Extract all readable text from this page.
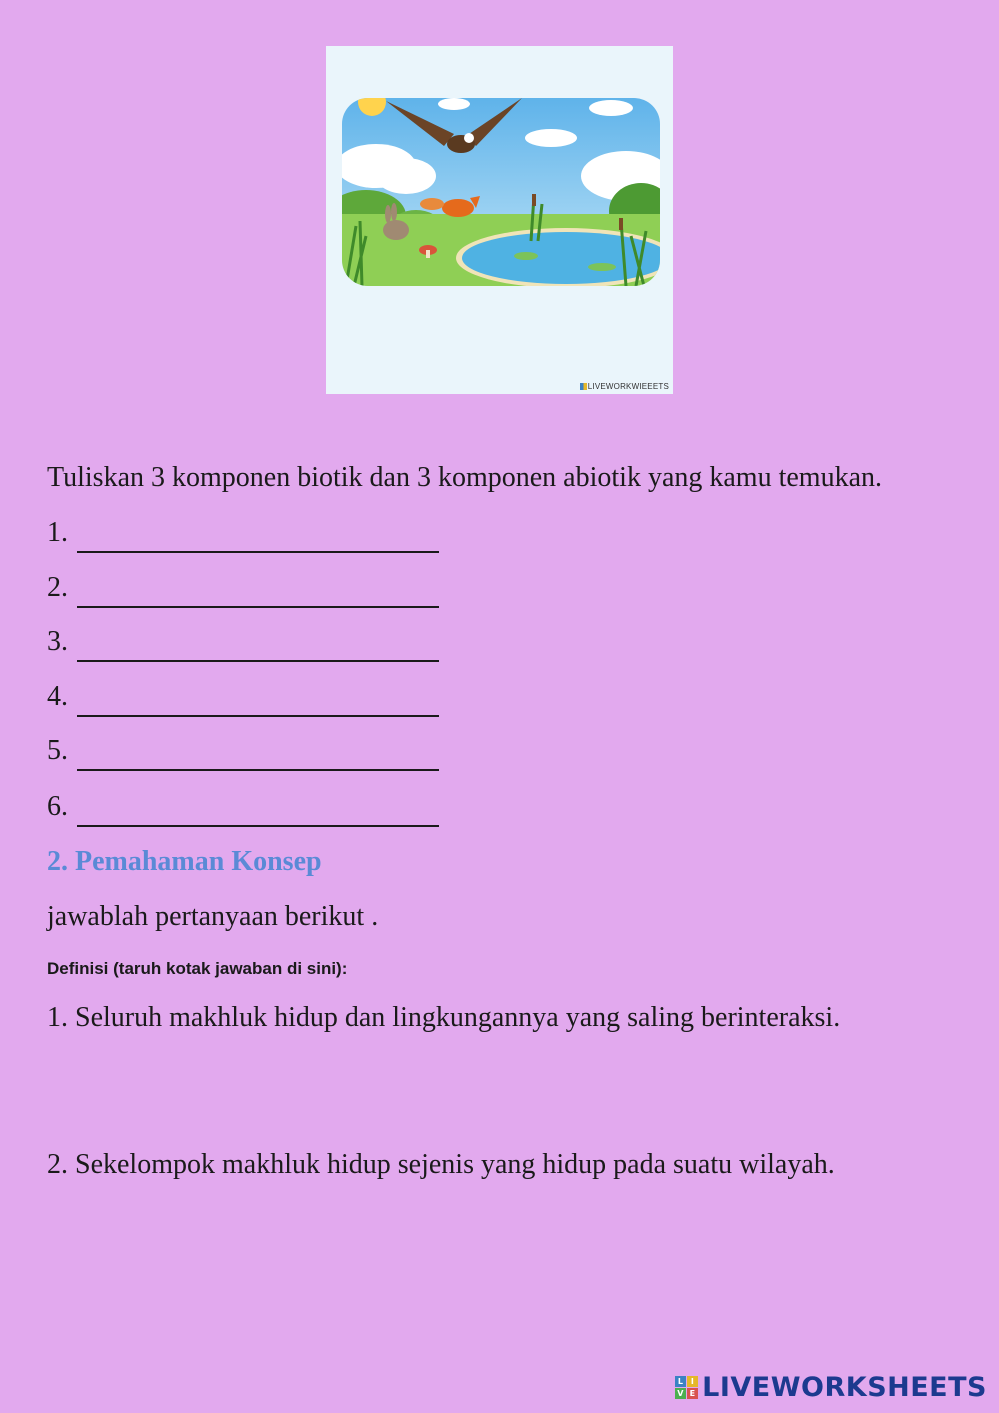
LIVEWORKWIEEETS
Tuliskan 3 komponen biotik dan 3 komponen abiotik yang kamu temukan.
1.
2.
3.
4.
5.
6.
2. Pemahaman Konsep
jawablah pertanyaan berikut .
Definisi (taruh kotak jawaban di sini):
1. Seluruh makhluk hidup dan lingkungannya yang saling berinteraksi.
2. Sekelompok makhluk hidup sejenis yang hidup pada suatu wilayah.
L I
V E LIVEWORKSHEETS
